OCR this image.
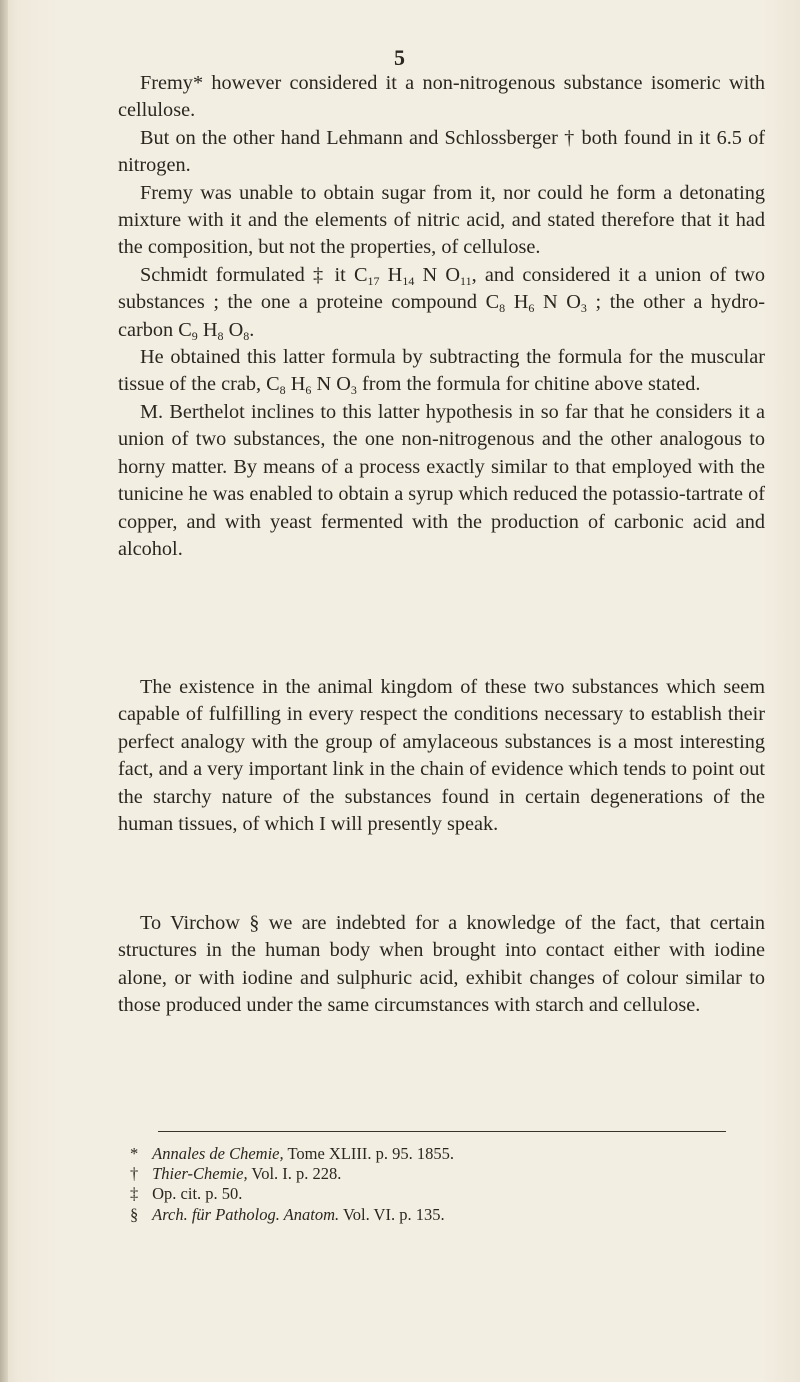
5

Fremy* however considered it a non-nitrogenous substance isomeric with cellulose.

But on the other hand Lehmann and Schlossberger † both found in it 6.5 of nitrogen.

Fremy was unable to obtain sugar from it, nor could he form a detonating mixture with it and the elements of nitric acid, and stated therefore that it had the composition, but not the properties, of cellulose.

Schmidt formulated ‡ it $C_{17}$ $H_{14}$ N $O_{11}$, and considered it a union of two substances ; the one a proteine compound $C_8$ $H_6$ N $O_3$ ; the other a hydro-carbon $C_9$ $H_8$ $O_8$.

He obtained this latter formula by subtracting the formula for the muscular tissue of the crab, $C_8$ $H_6$ N $O_3$ from the formula for chitine above stated.

M. Berthelot inclines to this latter hypothesis in so far that he considers it a union of two substances, the one non-nitrogenous and the other analogous to horny matter. By means of a process exactly similar to that employed with the tunicine he was enabled to obtain a syrup which reduced the potassio-tartrate of copper, and with yeast fermented with the production of carbonic acid and alcohol.

The existence in the animal kingdom of these two substances which seem capable of fulfilling in every respect the conditions necessary to establish their perfect analogy with the group of amylaceous substances is a most interesting fact, and a very important link in the chain of evidence which tends to point out the starchy nature of the substances found in certain degenerations of the human tissues, of which I will presently speak.

To Virchow § we are indebted for a knowledge of the fact, that certain structures in the human body when brought into contact either with iodine alone, or with iodine and sulphuric acid, exhibit changes of colour similar to those produced under the same circumstances with starch and cellulose.

* Annales de Chemie, Tome XLIII. p. 95. 1855.
† Thier-Chemie, Vol. I. p. 228.
‡ Op. cit. p. 50.
§ Arch. für Patholog. Anatom. Vol. VI. p. 135.
